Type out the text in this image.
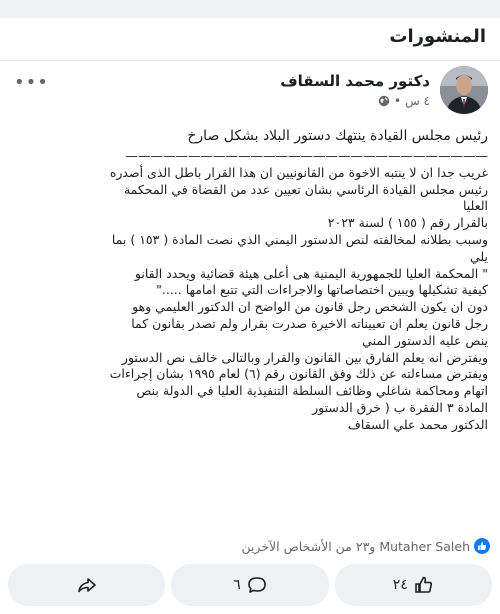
المنشورات
دكتور محمد السقاف
٤ س
•
•••
رئيس مجلس القيادة ينتهك دستور البلاد بشكل صارخ
—————————————————————————————
غريب جدا ان لا ينتبه الاخوة من القانونيين ان هذا القرار باطل الذى أصدره
رئيس مجلس القيادة الرئاسي بشان تعيين عدد من القضاة في المحكمة
العليا
بالقرار رقم ( ١٥٥ ) لسنة ٢٠٢٣
وسبب بطلانه لمخالفته لنص الدستور اليمني الذي نصت المادة ( ١٥٣ ) بما
يلي
" المحكمة العليا للجمهورية اليمنية هى أعلى هيئة قضائية ويحدد القانو
كيفية تشكيلها ويبين اختصاصاتها والاجراءات التي تتبع امامها ....."
دون ان يكون الشخص رجل قانون من الواضح ان الدكتور العليمي وهو
رجل قانون يعلم ان تعييناته الاخيرة صدرت بقرار ولم تصدر بقانون كما
ينص عليه الدستور المني
ويفترض انه يعلم الفارق بين القانون والقرار وبالتالى خالف نص الدستور
ويفترض مساءلته عن ذلك وفق القانون رقم (٦) لعام ١٩٩٥ بشان إجراءات
اتهام ومحاكمة شاغلي وظائف السلطة التنفيذية العليا في الدولة بنص
المادة ٣ الفقرة ب ( خرق الدستور
الدكتور محمد علي السقاف
Mutaher Saleh و٢٣ من الأشخاص الآخرين
٦	٢٤
